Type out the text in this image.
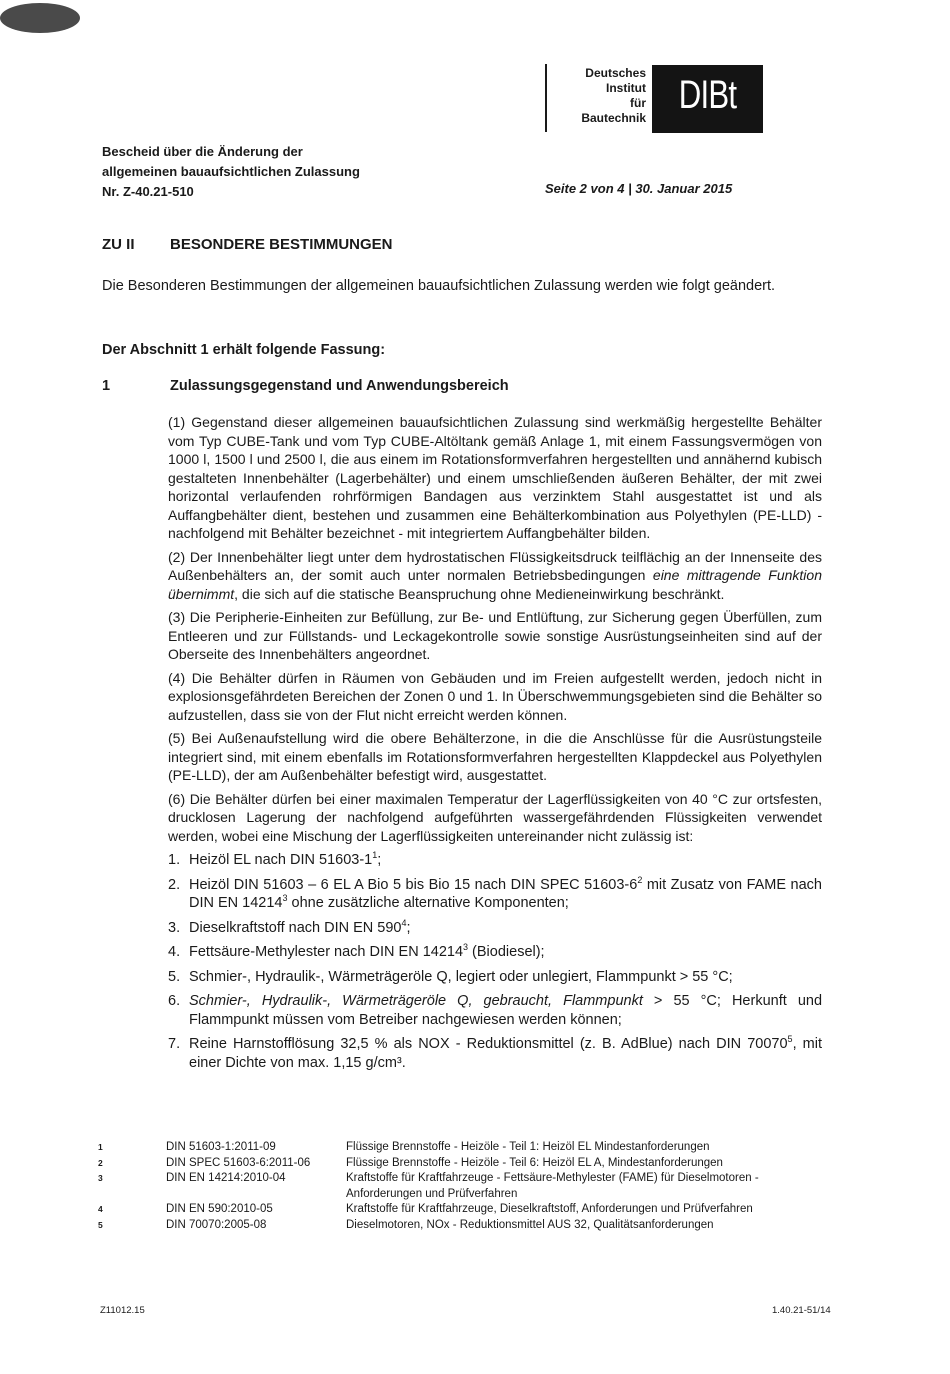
Deutsches
Institut
für
Bautechnik
DIBt
Bescheid über die Änderung der
allgemeinen bauaufsichtlichen Zulassung
Nr. Z-40.21-510	Seite 2 von 4 | 30. Januar 2015
ZU II BESONDERE BESTIMMUNGEN
Die Besonderen Bestimmungen der allgemeinen bauaufsichtlichen Zulassung werden wie folgt geändert.
Der Abschnitt 1 erhält folgende Fassung:
1	Zulassungsgegenstand und Anwendungsbereich

(1) Gegenstand dieser allgemeinen bauaufsichtlichen Zulassung sind werkmäßig hergestellte Behälter vom Typ CUBE-Tank und vom Typ CUBE-Altöltank gemäß Anlage 1, mit einem Fassungsvermögen von 1000 l, 1500 l und 2500 l, die aus einem im Rotationsformverfahren hergestellten und annähernd kubisch gestalteten Innenbehälter (Lagerbehälter) und einem umschließenden äußeren Behälter, der mit zwei horizontal verlaufenden rohrförmigen Bandagen aus verzinktem Stahl ausgestattet ist und als Auffangbehälter dient, bestehen und zusammen eine Behälterkombination aus Polyethylen (PE-LLD) - nachfolgend mit Behälter bezeichnet - mit integriertem Auffangbehälter bilden.

(2) Der Innenbehälter liegt unter dem hydrostatischen Flüssigkeitsdruck teilflächig an der Innenseite des Außenbehälters an, der somit auch unter normalen Betriebsbedingungen eine mittragende Funktion übernimmt, die sich auf die statische Beanspruchung ohne Medieneinwirkung beschränkt.

(3) Die Peripherie-Einheiten zur Befüllung, zur Be- und Entlüftung, zur Sicherung gegen Überfüllen, zum Entleeren und zur Füllstands- und Leckagekontrolle sowie sonstige Ausrüstungseinheiten sind auf der Oberseite des Innenbehälters angeordnet.

(4) Die Behälter dürfen in Räumen von Gebäuden und im Freien aufgestellt werden, jedoch nicht in explosionsgefährdeten Bereichen der Zonen 0 und 1. In Überschwemmungsgebieten sind die Behälter so aufzustellen, dass sie von der Flut nicht erreicht werden können.

(5) Bei Außenaufstellung wird die obere Behälterzone, in die die Anschlüsse für die Ausrüstungsteile integriert sind, mit einem ebenfalls im Rotationsformverfahren hergestellten Klappdeckel aus Polyethylen (PE-LLD), der am Außenbehälter befestigt wird, ausgestattet.

(6) Die Behälter dürfen bei einer maximalen Temperatur der Lagerflüssigkeiten von 40 °C zur ortsfesten, drucklosen Lagerung der nachfolgend aufgeführten wassergefährdenden Flüssigkeiten verwendet werden, wobei eine Mischung der Lagerflüssigkeiten untereinander nicht zulässig ist:

1. Heizöl EL nach DIN $51603-1^1$;
2. Heizöl DIN 51603 – 6 EL A Bio 5 bis Bio 15 nach DIN SPEC $51603-6^2$ mit Zusatz von FAME nach DIN EN 14214$^3$ ohne zusätzliche alternative Komponenten;
3. Dieselkraftstoff nach DIN EN $590^4$;
4. Fettsäure-Methylester nach DIN EN 14214$^3$ (Biodiesel);
5. Schmier-, Hydraulik-, Wärmeträgeröle Q, legiert oder unlegiert, Flammpunkt > 55 °C;
6. Schmier-, Hydraulik-, Wärmeträgeröle Q, gebraucht, Flammpunkt > 55 °C; Herkunft und Flammpunkt müssen vom Betreiber nachgewiesen werden können;
7. Reine Harnstofflösung 32,5 % als NOX - Reduktionsmittel (z. B. AdBlue) nach DIN 70070$^5$, mit einer Dichte von max. 1,15 g/cm³.
1	DIN 51603-1:2011-09	Flüssige Brennstoffe - Heizöle - Teil 1: Heizöl EL Mindestanforderungen
2	DIN SPEC 51603-6:2011-06	Flüssige Brennstoffe - Heizöle - Teil 6: Heizöl EL A, Mindestanforderungen
3	DIN EN 14214:2010-04	Kraftstoffe für Kraftfahrzeuge - Fettsäure-Methylester (FAME) für Dieselmotoren - Anforderungen und Prüfverfahren
4	DIN EN 590:2010-05	Kraftstoffe für Kraftfahrzeuge, Dieselkraftstoff, Anforderungen und Prüfverfahren
5	DIN 70070:2005-08	Dieselmotoren, NOx - Reduktionsmittel AUS 32, Qualitätsanforderungen
Z11012.15	1.40.21-51/14
